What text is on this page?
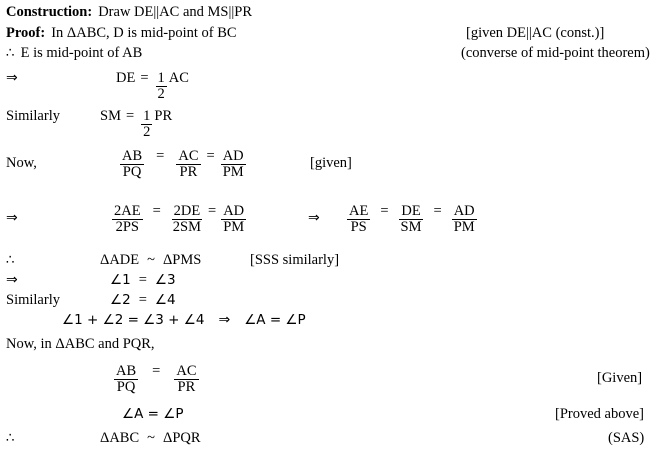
Construction: Draw DE||AC and MS||PR
Proof: In ΔABC, D is mid-point of BC	[given DE||AC (const.)]
∴ E is mid-point of AB	(converse of mid-point theorem)
⇒	DE = $\frac{1}{2}$ AC
Similarly	SM = $\frac{1}{2}$ PR
Now,	$\frac{AB}{PQ} = \frac{AC}{PR} = \frac{AD}{PM}$	[given]
⇒	$\frac{2AE}{2PS} = \frac{2DE}{2SM} = \frac{AD}{PM}$	⇒ $\frac{AE}{PS} = \frac{DE}{SM} = \frac{AD}{PM}$
∴	ΔADE ~ ΔPMS	[SSS similarly]
⇒	∠1 = ∠3
Similarly	∠2 = ∠4
∠1 + ∠2 = ∠3 + ∠4 ⇒ ∠A = ∠P
Now, in ΔABC and PQR,
$\frac{AB}{PQ} = \frac{AC}{PR}$	[Given]
∠A = ∠P	[Proved above]
∴	ΔABC ~ ΔPQR	(SAS)
